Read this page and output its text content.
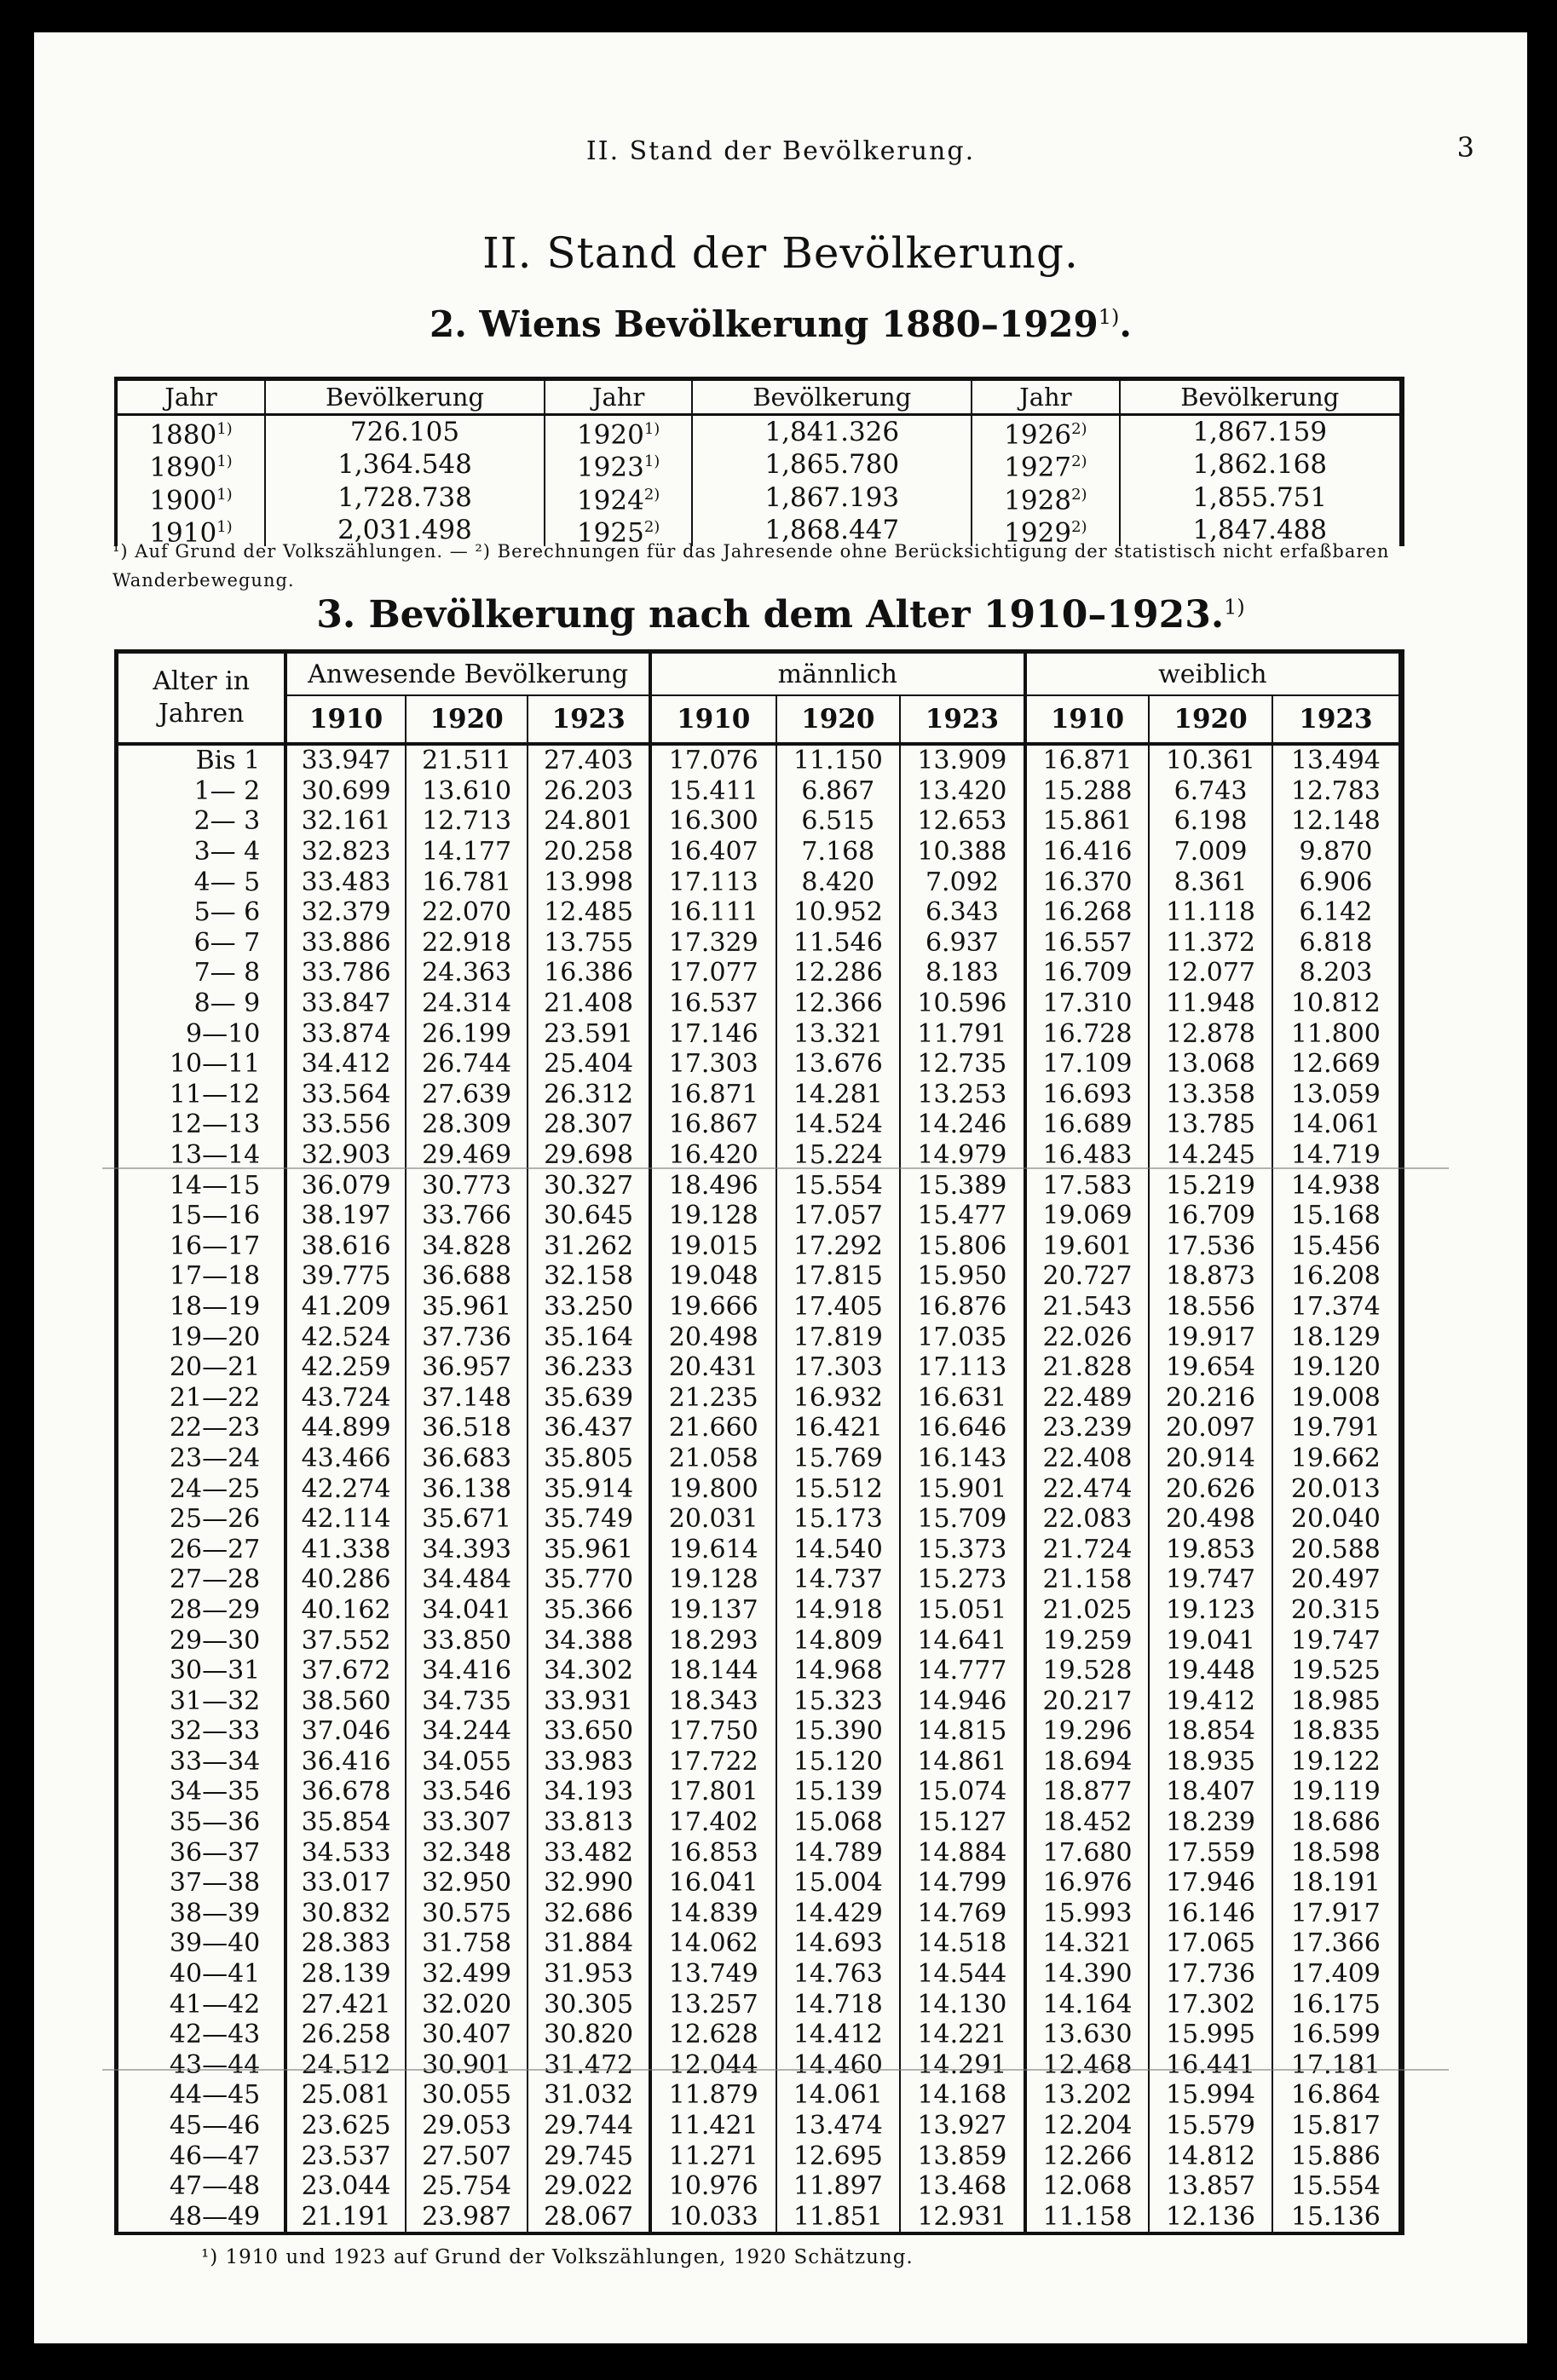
II. Stand der Bevölkerung.	3
II. Stand der Bevölkerung.
2. Wiens Bevölkerung 1880–1929$^{1)}$.
Jahr	Bevölkerung	Jahr	Bevölkerung	Jahr	Bevölkerung
1880$^{1)}$	726.105	1920$^{1)}$	1,841.326	1926$^{2)}$	1,867.159
1890$^{1)}$	1,364.548	1923$^{1)}$	1,865.780	1927$^{2)}$	1,862.168
1900$^{1)}$	1,728.738	1924$^{2)}$	1,867.193	1928$^{2)}$	1,855.751
1910$^{1)}$	2,031.498	1925$^{2)}$	1,868.447	1929$^{2)}$	1,847.488
¹) Auf Grund der Volkszählungen. — ²) Berechnungen für das Jahresende ohne Berücksichtigung der statistisch nicht erfaßbaren Wanderbewegung.
3. Bevölkerung nach dem Alter 1910–1923.$^{1)}$
Alter in Jahren	Anwesende Bevölkerung			männlich			weiblich		
	1910	1920	1923	1910	1920	1923	1910	1920	1923
Bis 1	33.947	21.511	27.403	17.076	11.150	13.909	16.871	10.361	13.494
1— 2	30.699	13.610	26.203	15.411	6.867	13.420	15.288	6.743	12.783
2— 3	32.161	12.713	24.801	16.300	6.515	12.653	15.861	6.198	12.148
3— 4	32.823	14.177	20.258	16.407	7.168	10.388	16.416	7.009	9.870
4— 5	33.483	16.781	13.998	17.113	8.420	7.092	16.370	8.361	6.906
5— 6	32.379	22.070	12.485	16.111	10.952	6.343	16.268	11.118	6.142
6— 7	33.886	22.918	13.755	17.329	11.546	6.937	16.557	11.372	6.818
7— 8	33.786	24.363	16.386	17.077	12.286	8.183	16.709	12.077	8.203
8— 9	33.847	24.314	21.408	16.537	12.366	10.596	17.310	11.948	10.812
9—10	33.874	26.199	23.591	17.146	13.321	11.791	16.728	12.878	11.800
10—11	34.412	26.744	25.404	17.303	13.676	12.735	17.109	13.068	12.669
11—12	33.564	27.639	26.312	16.871	14.281	13.253	16.693	13.358	13.059
12—13	33.556	28.309	28.307	16.867	14.524	14.246	16.689	13.785	14.061
13—14	32.903	29.469	29.698	16.420	15.224	14.979	16.483	14.245	14.719
14—15	36.079	30.773	30.327	18.496	15.554	15.389	17.583	15.219	14.938
15—16	38.197	33.766	30.645	19.128	17.057	15.477	19.069	16.709	15.168
16—17	38.616	34.828	31.262	19.015	17.292	15.806	19.601	17.536	15.456
17—18	39.775	36.688	32.158	19.048	17.815	15.950	20.727	18.873	16.208
18—19	41.209	35.961	33.250	19.666	17.405	16.876	21.543	18.556	17.374
19—20	42.524	37.736	35.164	20.498	17.819	17.035	22.026	19.917	18.129
20—21	42.259	36.957	36.233	20.431	17.303	17.113	21.828	19.654	19.120
21—22	43.724	37.148	35.639	21.235	16.932	16.631	22.489	20.216	19.008
22—23	44.899	36.518	36.437	21.660	16.421	16.646	23.239	20.097	19.791
23—24	43.466	36.683	35.805	21.058	15.769	16.143	22.408	20.914	19.662
24—25	42.274	36.138	35.914	19.800	15.512	15.901	22.474	20.626	20.013
25—26	42.114	35.671	35.749	20.031	15.173	15.709	22.083	20.498	20.040
26—27	41.338	34.393	35.961	19.614	14.540	15.373	21.724	19.853	20.588
27—28	40.286	34.484	35.770	19.128	14.737	15.273	21.158	19.747	20.497
28—29	40.162	34.041	35.366	19.137	14.918	15.051	21.025	19.123	20.315
29—30	37.552	33.850	34.388	18.293	14.809	14.641	19.259	19.041	19.747
30—31	37.672	34.416	34.302	18.144	14.968	14.777	19.528	19.448	19.525
31—32	38.560	34.735	33.931	18.343	15.323	14.946	20.217	19.412	18.985
32—33	37.046	34.244	33.650	17.750	15.390	14.815	19.296	18.854	18.835
33—34	36.416	34.055	33.983	17.722	15.120	14.861	18.694	18.935	19.122
34—35	36.678	33.546	34.193	17.801	15.139	15.074	18.877	18.407	19.119
35—36	35.854	33.307	33.813	17.402	15.068	15.127	18.452	18.239	18.686
36—37	34.533	32.348	33.482	16.853	14.789	14.884	17.680	17.559	18.598
37—38	33.017	32.950	32.990	16.041	15.004	14.799	16.976	17.946	18.191
38—39	30.832	30.575	32.686	14.839	14.429	14.769	15.993	16.146	17.917
39—40	28.383	31.758	31.884	14.062	14.693	14.518	14.321	17.065	17.366
40—41	28.139	32.499	31.953	13.749	14.763	14.544	14.390	17.736	17.409
41—42	27.421	32.020	30.305	13.257	14.718	14.130	14.164	17.302	16.175
42—43	26.258	30.407	30.820	12.628	14.412	14.221	13.630	15.995	16.599
43—44	24.512	30.901	31.472	12.044	14.460	14.291	12.468	16.441	17.181
44—45	25.081	30.055	31.032	11.879	14.061	14.168	13.202	15.994	16.864
45—46	23.625	29.053	29.744	11.421	13.474	13.927	12.204	15.579	15.817
46—47	23.537	27.507	29.745	11.271	12.695	13.859	12.266	14.812	15.886
47—48	23.044	25.754	29.022	10.976	11.897	13.468	12.068	13.857	15.554
48—49	21.191	23.987	28.067	10.033	11.851	12.931	11.158	12.136	15.136
¹) 1910 und 1923 auf Grund der Volkszählungen, 1920 Schätzung.
